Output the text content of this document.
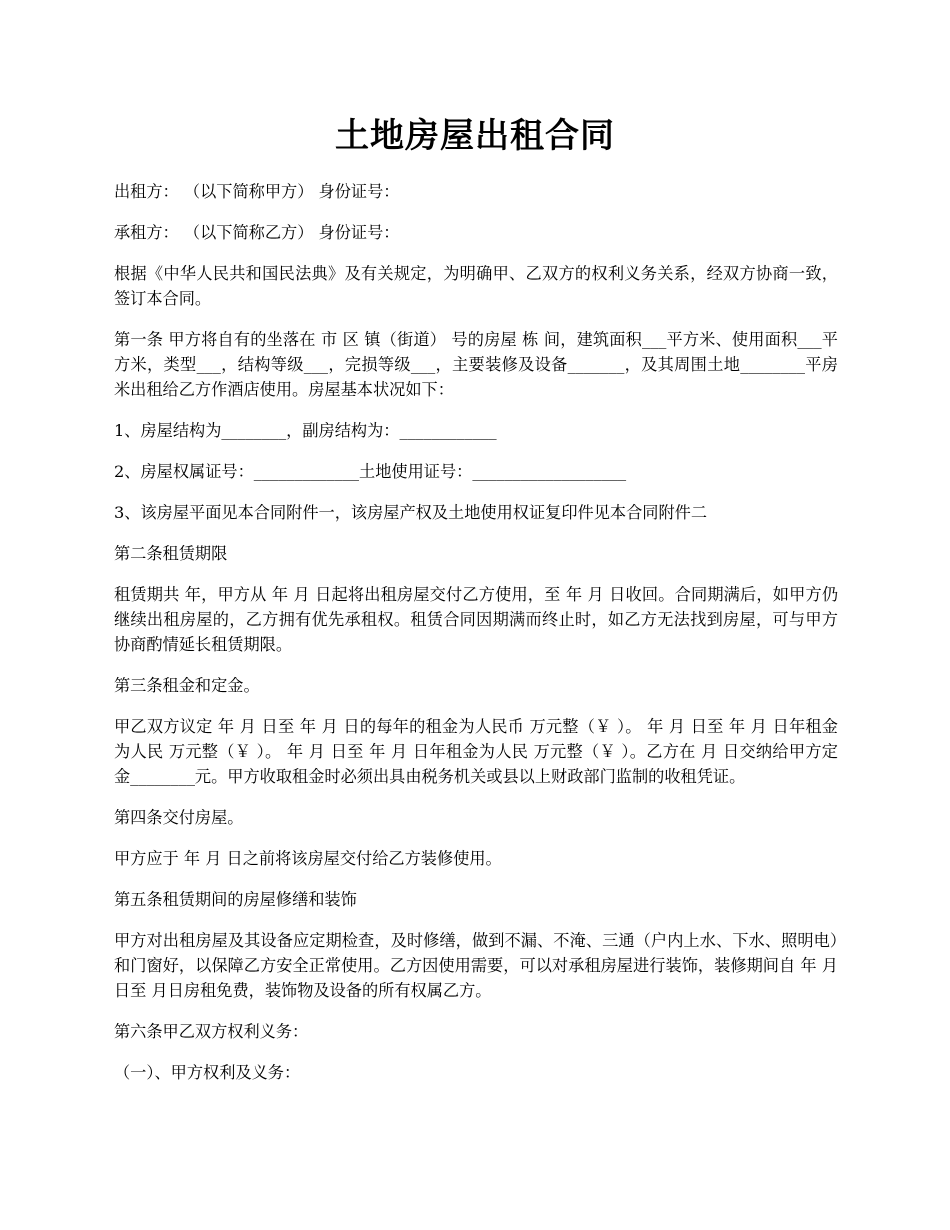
土地房屋出租合同

出租方： （以下简称甲方） 身份证号：

承租方： （以下简称乙方） 身份证号：

根据《中华人民共和国民法典》及有关规定，为明确甲、乙双方的权利义务关系，经双方协商一致，签订本合同。

第一条 甲方将自有的坐落在 市 区 镇（街道） 号的房屋 栋 间，建筑面积___平方米、使用面积___平方米，类型___，结构等级___，完损等级___，主要装修及设备_______，及其周围土地________平房米出租给乙方作酒店使用。房屋基本状况如下：

1、房屋结构为________，副房结构为：____________

2、房屋权属证号：_____________土地使用证号：___________________

3、该房屋平面见本合同附件一，该房屋产权及土地使用权证复印件见本合同附件二

第二条租赁期限

租赁期共 年，甲方从 年 月 日起将出租房屋交付乙方使用，至 年 月 日收回。合同期满后，如甲方仍继续出租房屋的，乙方拥有优先承租权。租赁合同因期满而终止时，如乙方无法找到房屋，可与甲方协商酌情延长租赁期限。

第三条租金和定金。

甲乙双方议定 年 月 日至 年 月 日的每年的租金为人民币 万元整（￥ ）。 年 月 日至 年 月 日年租金为人民 万元整（￥ ）。 年 月 日至 年 月 日年租金为人民 万元整（￥ ）。乙方在 月 日交纳给甲方定金________元。甲方收取租金时必须出具由税务机关或县以上财政部门监制的收租凭证。

第四条交付房屋。

甲方应于 年 月 日之前将该房屋交付给乙方装修使用。

第五条租赁期间的房屋修缮和装饰

甲方对出租房屋及其设备应定期检查，及时修缮，做到不漏、不淹、三通（户内上水、下水、照明电）和门窗好，以保障乙方安全正常使用。乙方因使用需要，可以对承租房屋进行装饰，装修期间自 年 月 日至 月日房租免费，装饰物及设备的所有权属乙方。

第六条甲乙双方权利义务：

（一）、甲方权利及义务：
